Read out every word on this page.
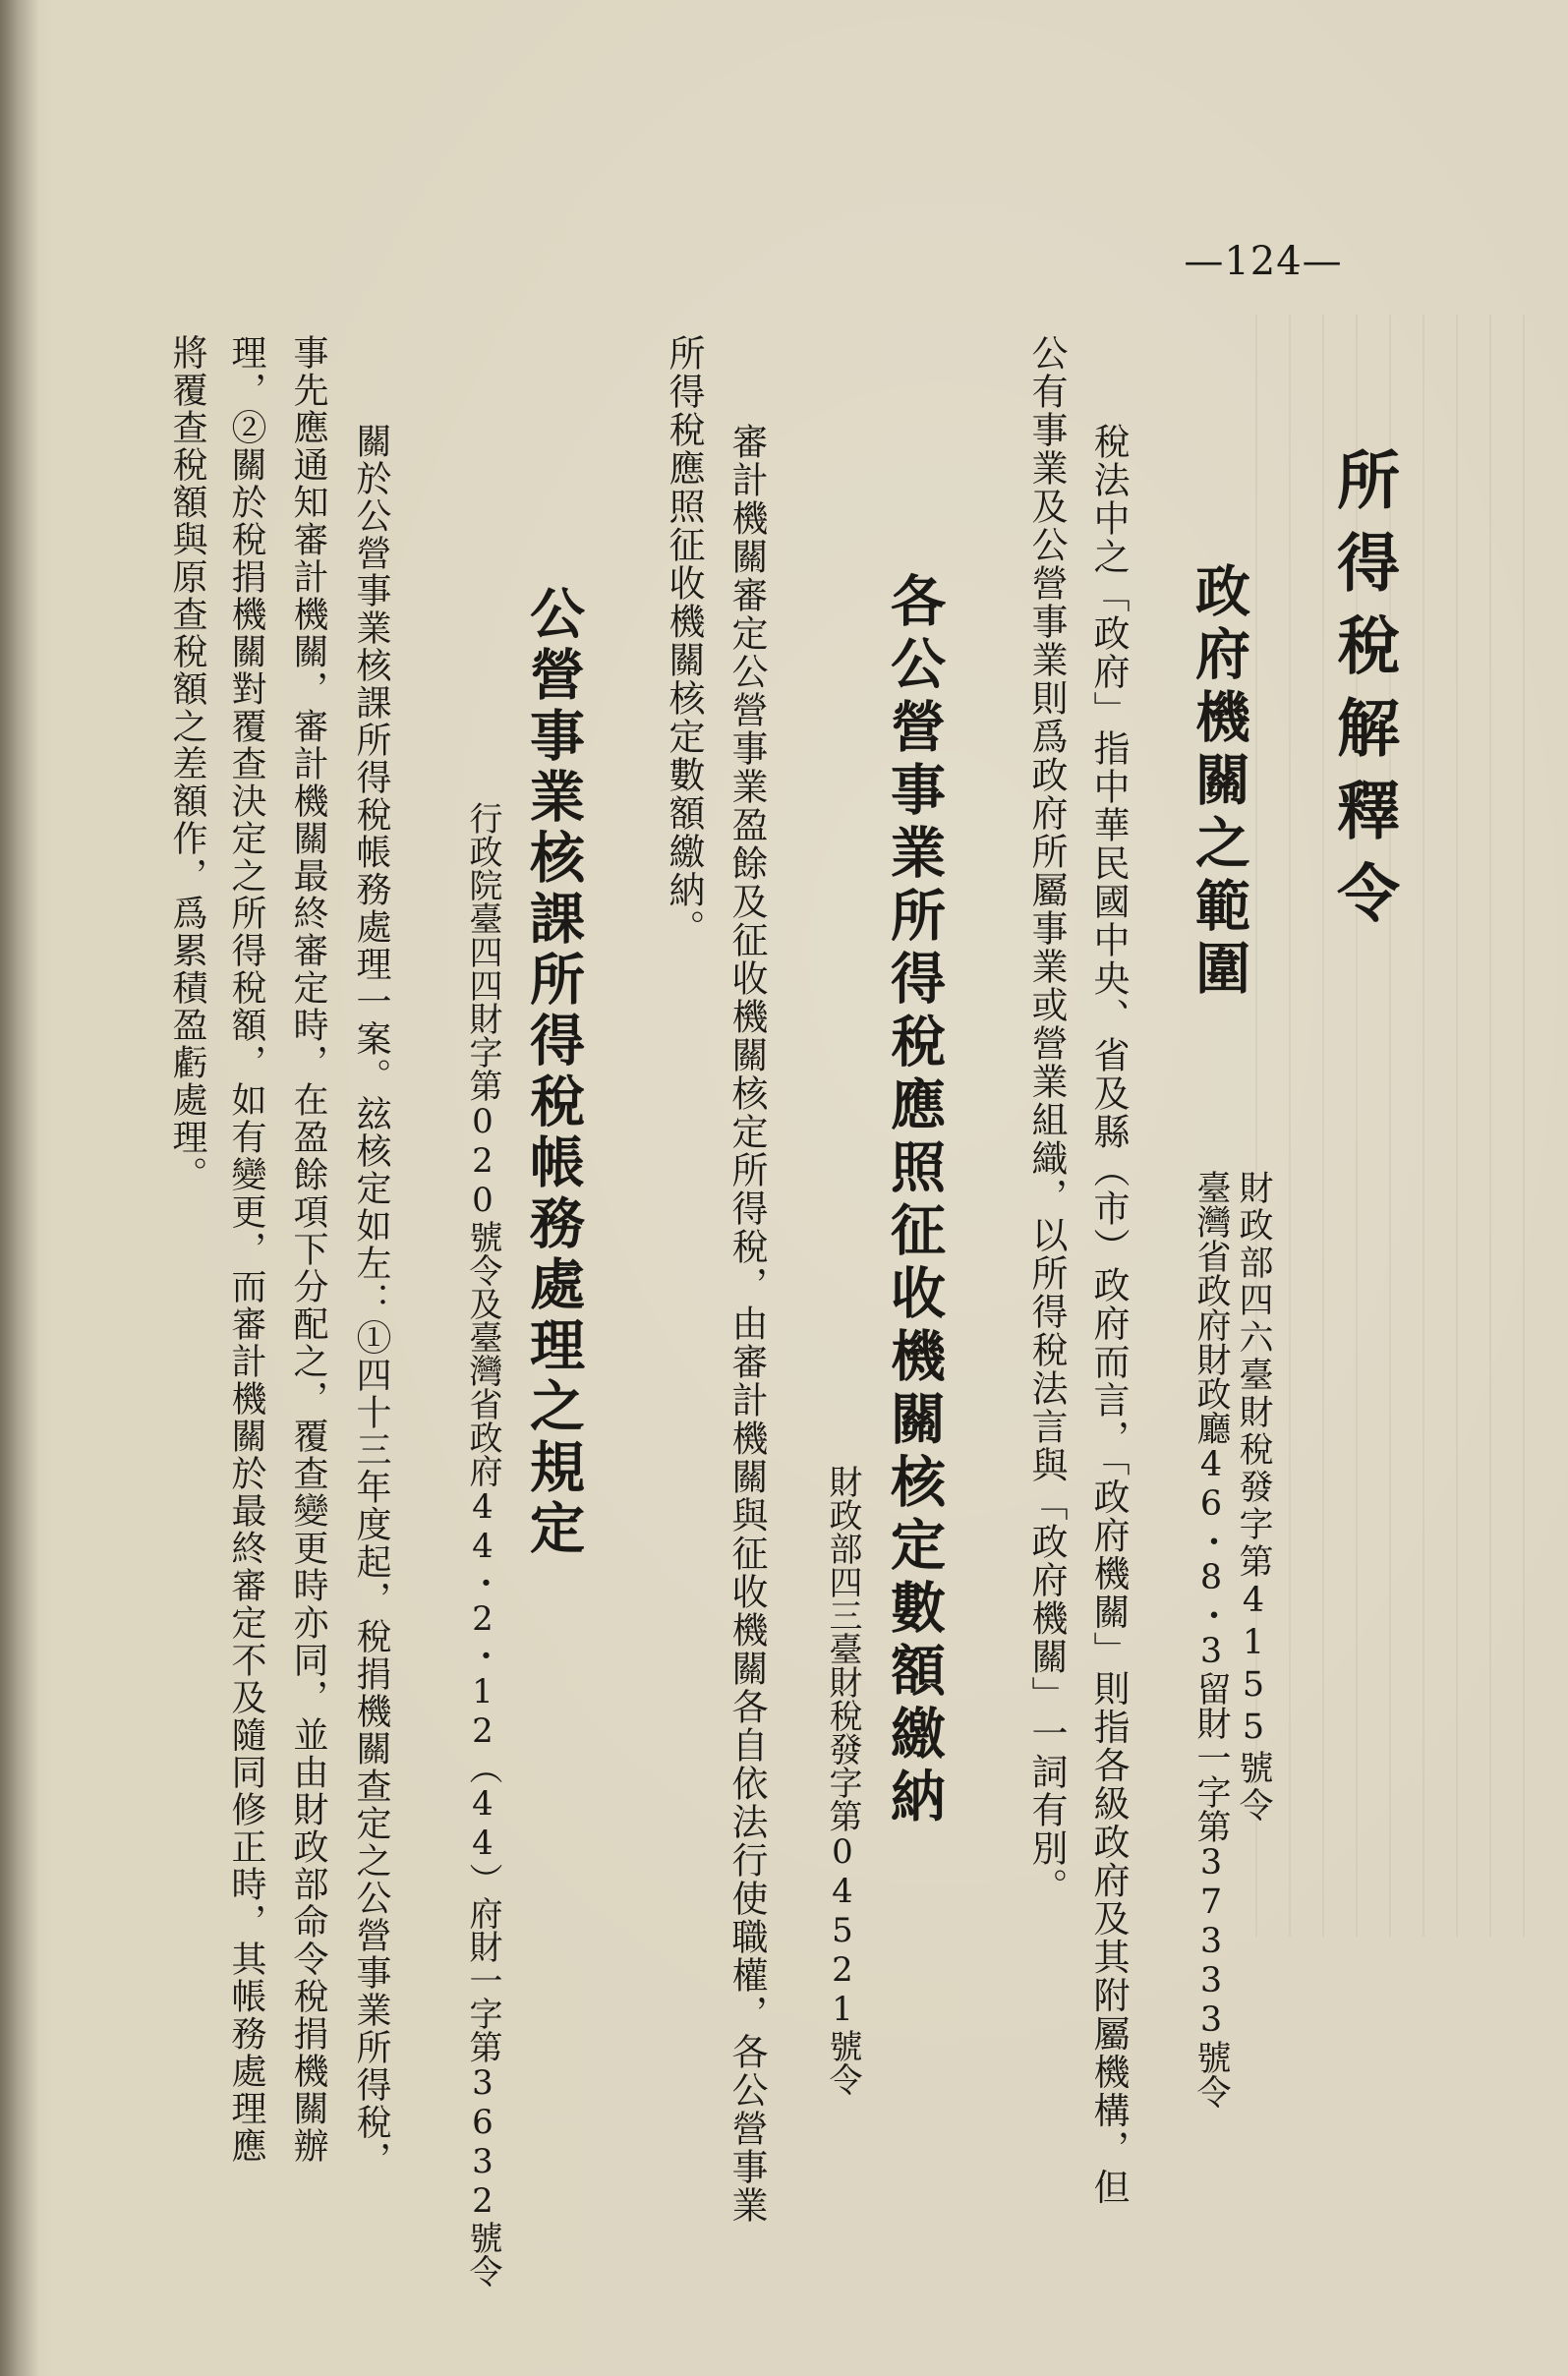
—124—
所得稅解釋令
政府機關之範圍
財政部四六臺財稅發字第4155號令
臺灣省政府財政廳46・8・3留財一字第37333號令
稅法中之「政府」指中華民國中央、省及縣（市）政府而言，「政府機關」則指各級政府及其附屬機構，但
公有事業及公營事業則爲政府所屬事業或營業組織，以所得稅法言與「政府機關」一詞有別。
各公營事業所得稅應照征收機關核定數額繳納
財政部四三臺財稅發字第04521號令
審計機關審定公營事業盈餘及征收機關核定所得稅，由審計機關與征收機關各自依法行使職權，各公營事業
所得稅應照征收機關核定數額繳納。
公營事業核課所得稅帳務處理之規定
行政院臺四四財字第020號令及臺灣省政府44・2・12（44）府財一字第3632號令
關於公營事業核課所得稅帳務處理一案。玆核定如左：①四十三年度起，稅捐機關查定之公營事業所得稅，
事先應通知審計機關，審計機關最終審定時，在盈餘項下分配之，覆查變更時亦同，並由財政部命令稅捐機關辦
理，②關於稅捐機關對覆查決定之所得稅額，如有變更，而審計機關於最終審定不及隨同修正時，其帳務處理應
將覆查稅額與原查稅額之差額作，爲累積盈虧處理。
